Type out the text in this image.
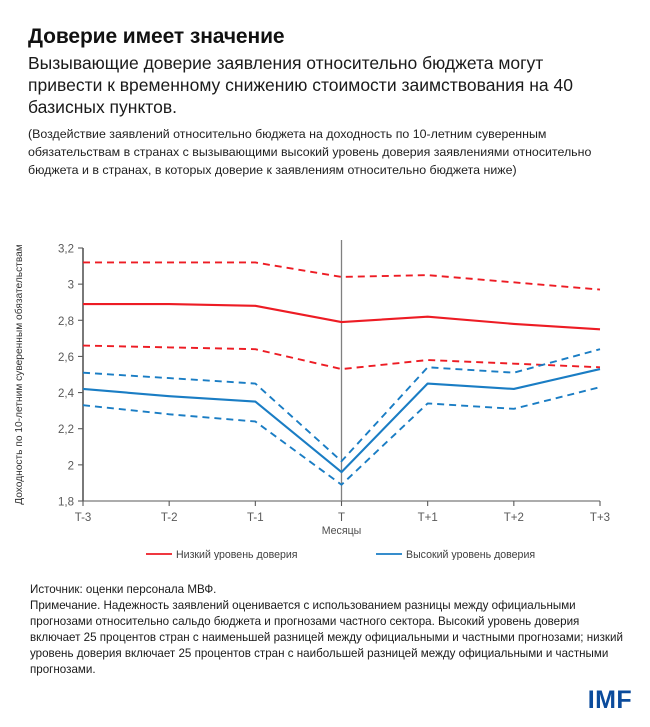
Доверие имеет значение

Вызывающие доверие заявления относительно бюджета могут привести к временному снижению стоимости заимствования на 40 базисных пунктов.

(Воздействие заявлений относительно бюджета на доходность по 10-летним суверенным обязательствам в странах с вызывающими высокий уровень доверия заявлениями относительно бюджета и в странах, в которых доверие к заявлениям относительно бюджета ниже)

1,8
2
2,2
2,4
2,6
2,8
3
3,2
T-3	T-2	T-1	T	T+1	T+2	T+3
Доходность по 10-летним суверенным обязательствам
Месяцы
Низкий уровень доверия	Высокий уровень доверия

Источник: оценки персонала МВФ.

Примечание. Надежность заявлений оценивается с использованием разницы между официальными прогнозами относительно сальдо бюджета и прогнозами частного сектора. Высокий уровень доверия включает 25 процентов стран с наименьшей разницей между официальными и частными прогнозами; низкий уровень доверия включает 25 процентов стран с наибольшей разницей между официальными и частными прогнозами.

IMF
